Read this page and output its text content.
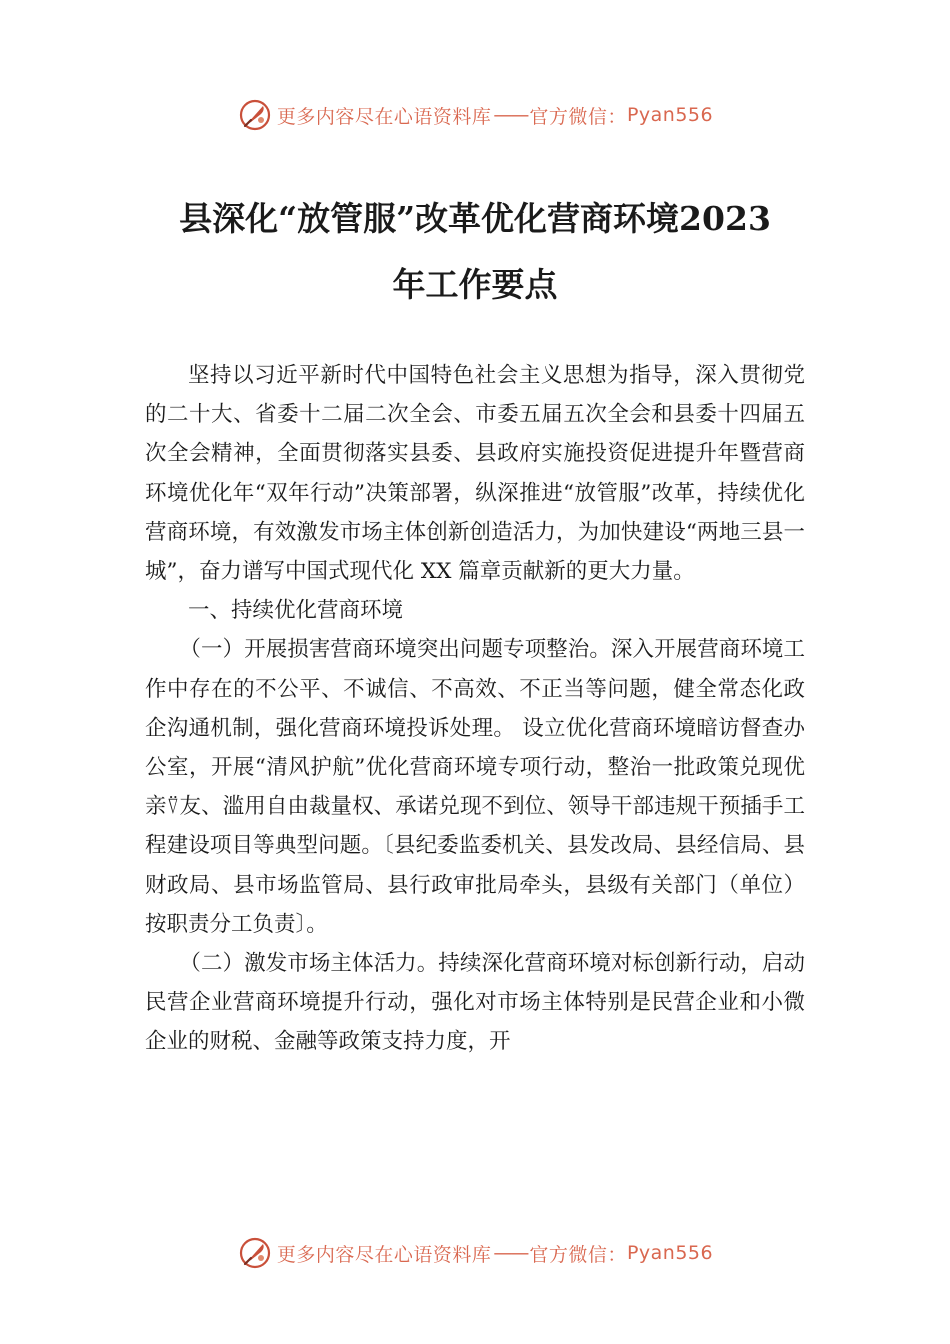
更多内容尽在心语资料库 —— 官方微信： Pyan556
县深化“放管服”改革优化营商环境2023
年工作要点

坚持以习近平新时代中国特色社会主义思想为指导，深入贯彻党的二十大、省委十二届二次全会、市委五届五次全会和县委十四届五次全会精神，全面贯彻落实县委、县政府实施投资促进提升年暨营商环境优化年“双年行动”决策部署，纵深推进“放管服”改革，持续优化营商环境，有效激发市场主体创新创造活力，为加快建设“两地三县一城”，奋力谱写中国式现代化 XX 篇章贡献新的更大力量。

一、持续优化营商环境

（一）开展损害营商环境突出问题专项整治。深入开展营商环境工作中存在的不公平、不诚信、不高效、不正当等问题，健全常态化政企沟通机制，强化营商环境投诉处理。 设立优化营商环境暗访督查办公室，开展“清风护航”优化营商环境专项行动，整治一批政策兑现优亲⍢友、滥用自由裁量权、承诺兑现不到位、领导干部违规干预插手工程建设项目等典型问题。〔县纪委监委机关、县发改局、县经信局、县财政局、县市场监管局、县行政审批局牵头，县级有关部门（单位）按职责分工负责〕。

（二）激发市场主体活力。持续深化营商环境对标创新行动，启动民营企业营商环境提升行动，强化对市场主体特别是民营企业和小微企业的财税、金融等政策支持力度，开

更多内容尽在心语资料库 —— 官方微信： Pyan556
